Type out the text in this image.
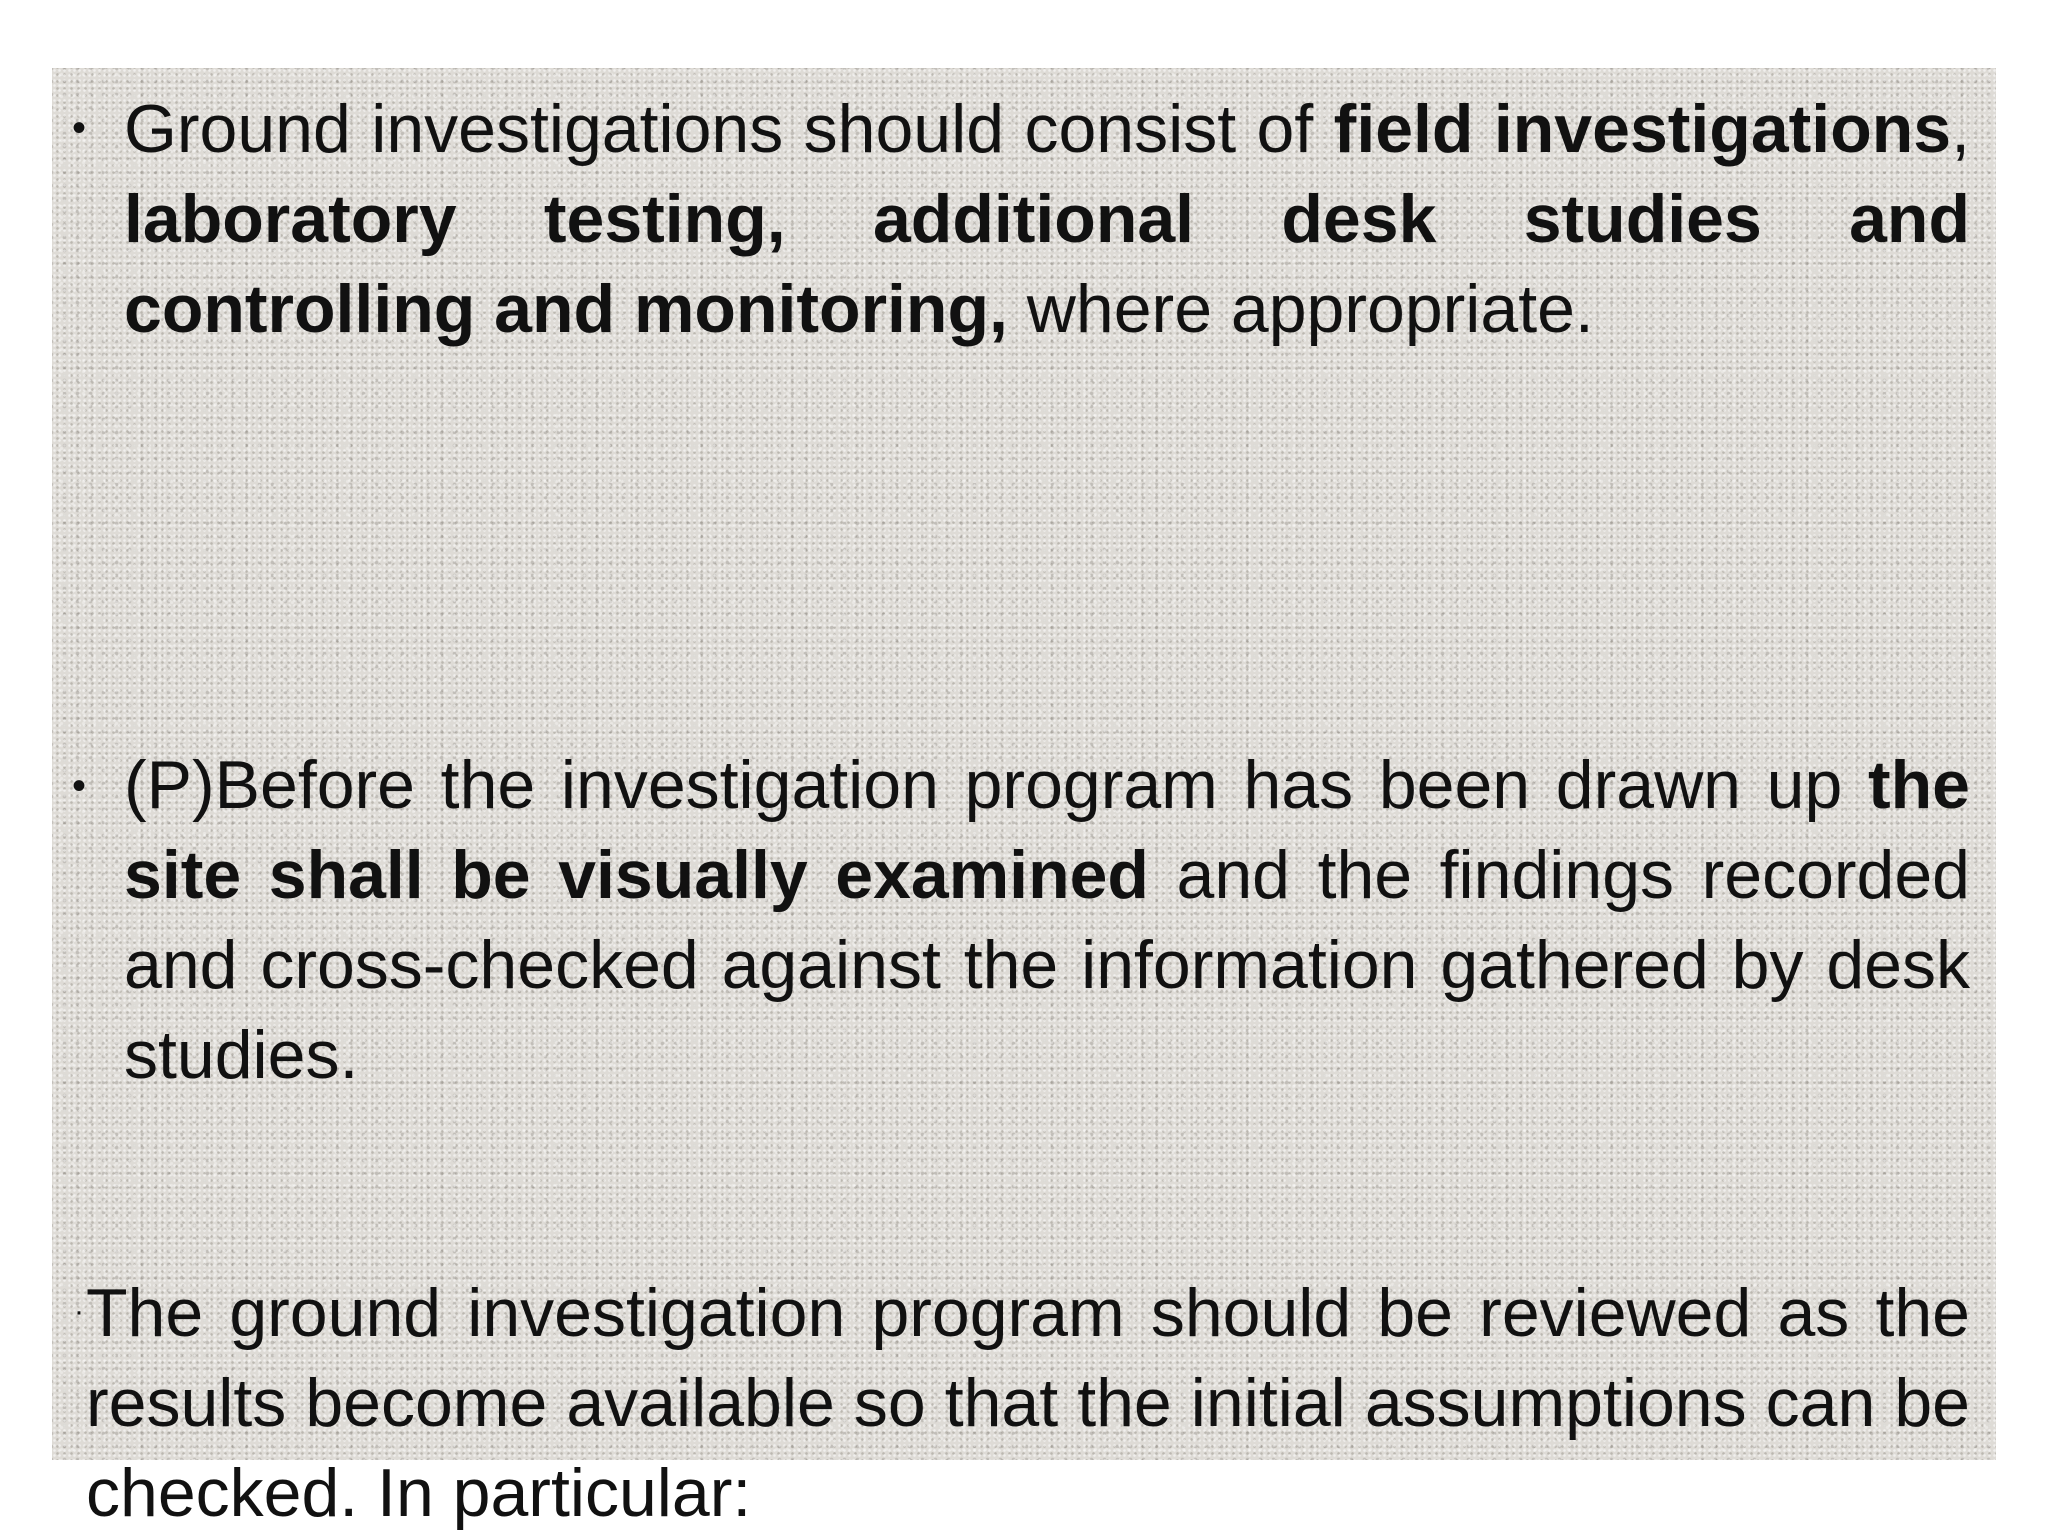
• Ground investigations should consist of field investigations, laboratory testing, additional desk studies and controlling and monitoring, where appropriate.

• (P)Before the investigation program has been drawn up the site shall be visually examined and the findings recorded and cross-checked against the information gathered by desk studies.

· The ground investigation program should be reviewed as the results become available so that the initial assumptions can be checked. In particular:
